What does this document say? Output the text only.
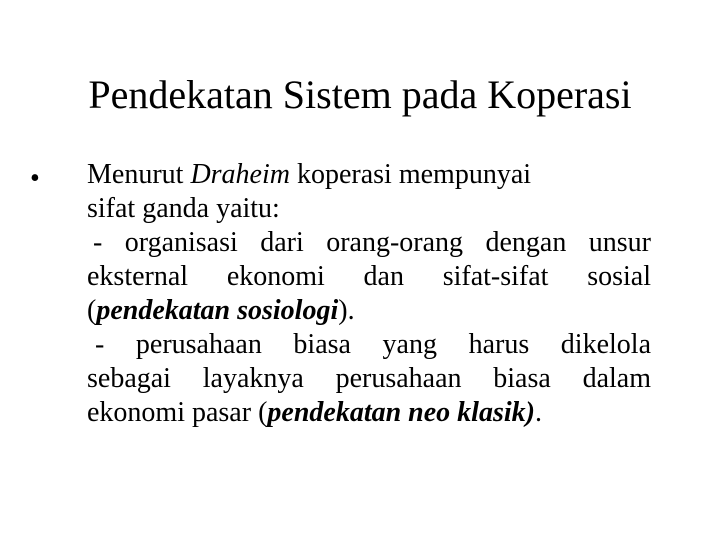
Pendekatan Sistem pada Koperasi
• Menurut Draheim koperasi mempunyai
sifat ganda yaitu:
- organisasi dari orang-orang dengan unsur
eksternal ekonomi dan sifat-sifat sosial
(pendekatan sosiologi).
- perusahaan biasa yang harus dikelola
sebagai layaknya perusahaan biasa dalam
ekonomi pasar (pendekatan neo klasik).
